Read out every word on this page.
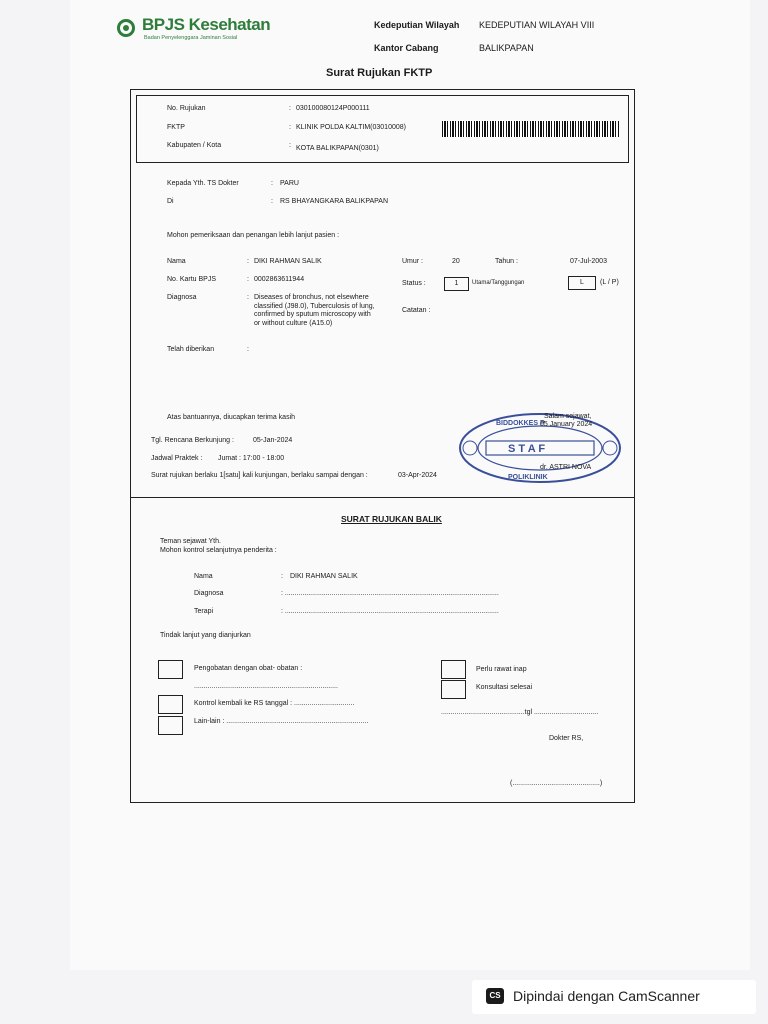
BPJS Kesehatan
Badan Penyelenggara Jaminan Sosial
Kedeputian Wilayah KEDEPUTIAN WILAYAH VIII
Kantor Cabang	BALIKPAPAN
Surat Rujukan FKTP
No. Rujukan	: 030100080124P000111
FKTP	: KLINIK POLDA KALTIM(03010008)
Kabupaten / Kota	: KOTA BALIKPAPAN(0301)
Kepada Yth. TS Dokter	: PARU
Di	: RS BHAYANGKARA BALIKPAPAN
Mohon pemeriksaan dan penangan lebih lanjut pasien :
Nama	: DIKI RAHMAN SALIK
No. Kartu BPJS	: 0002863611944
Diagnosa	: Diseases of bronchus, not elsewhere
classified (J98.0), Tuberculosis of lung,
confirmed by sputum microscopy with
or without culture (A15.0)
Telah diberikan	:
Umur :	20	Tahun :	07-Jul-2003
Status :	1	Utama/Tanggungan	L	(L / P)
Catatan :
Atas bantuannya, diucapkan terima kasih
Tgl. Rencana Berkunjung :	05-Jan-2024
Jadwal Praktek : Jumat : 17:00 - 18:00
Surat rujukan berlaku 1[satu] kali kunjungan, berlaku sampai dengan :	03-Apr-2024
BIDDOKKES P
S T A F
POLIKLINIK
Salam sejawat,
05 January 2024
dr. ASTRI NOVA
SURAT RUJUKAN BALIK
Teman sejawat Yth.
Mohon kontrol selanjutnya penderita :
Nama	: DIKI RAHMAN SALIK
Diagnosa	: ..............................................................................................................
Terapi	: ..............................................................................................................
Tindak lanjut yang dianjurkan
Pengobatan dengan obat- obatan :
..........................................................................
Kontrol kembali ke RS tanggal : ...............................
Lain-lain : .........................................................................
Perlu rawat inap
Konsultasi selesai
...........................................tgl .................................
Dokter RS,
(.............................................)
CS Dipindai dengan CamScanner
